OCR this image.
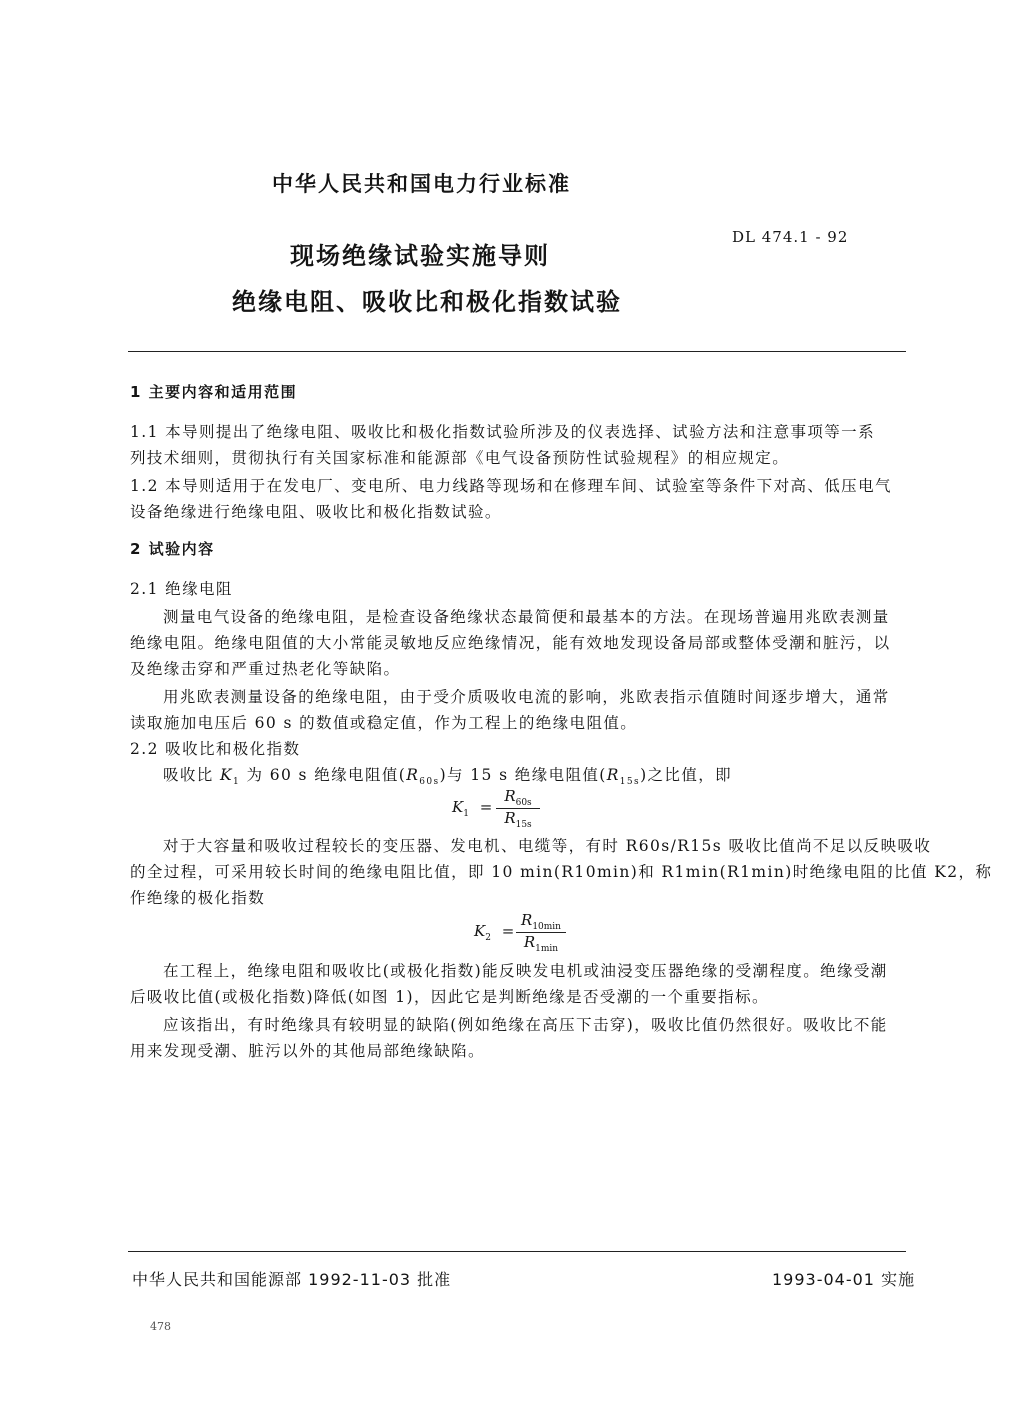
中华人民共和国电力行业标准
DL 474.1 - 92
现场绝缘试验实施导则
绝缘电阻、吸收比和极化指数试验
1 主要内容和适用范围
1.1 本导则提出了绝缘电阻、吸收比和极化指数试验所涉及的仪表选择、试验方法和注意事项等一系
列技术细则，贯彻执行有关国家标准和能源部《电气设备预防性试验规程》的相应规定。
1.2 本导则适用于在发电厂、变电所、电力线路等现场和在修理车间、试验室等条件下对高、低压电气
设备绝缘进行绝缘电阻、吸收比和极化指数试验。
2 试验内容
2.1 绝缘电阻
测量电气设备的绝缘电阻，是检查设备绝缘状态最简便和最基本的方法。在现场普遍用兆欧表测量
绝缘电阻。绝缘电阻值的大小常能灵敏地反应绝缘情况，能有效地发现设备局部或整体受潮和脏污，以
及绝缘击穿和严重过热老化等缺陷。
用兆欧表测量设备的绝缘电阻，由于受介质吸收电流的影响，兆欧表指示值随时间逐步增大，通常
读取施加电压后 60 s 的数值或稳定值，作为工程上的绝缘电阻值。
2.2 吸收比和极化指数
吸收比 $K_1$ 为 60 s 绝缘电阻值$(R_{60s})$与 15 s 绝缘电阻值$(R_{15s})$之比值，即
$K_1$ =
$R_{60s}$
$R_{15s}$
对于大容量和吸收过程较长的变压器、发电机、电缆等，有时 R60s/R15s 吸收比值尚不足以反映吸收
的全过程，可采用较长时间的绝缘电阻比值，即 10 min(R10min)和 R1min(R1min)时绝缘电阻的比值 K2，称
作绝缘的极化指数
$K_2$ =
$R_{10min}$
$R_{1min}$
在工程上，绝缘电阻和吸收比(或极化指数)能反映发电机或油浸变压器绝缘的受潮程度。绝缘受潮
后吸收比值(或极化指数)降低(如图 1)，因此它是判断绝缘是否受潮的一个重要指标。
应该指出，有时绝缘具有较明显的缺陷(例如绝缘在高压下击穿)，吸收比值仍然很好。吸收比不能
用来发现受潮、脏污以外的其他局部绝缘缺陷。
中华人民共和国能源部 1992-11-03 批准	1993-04-01 实施
478
